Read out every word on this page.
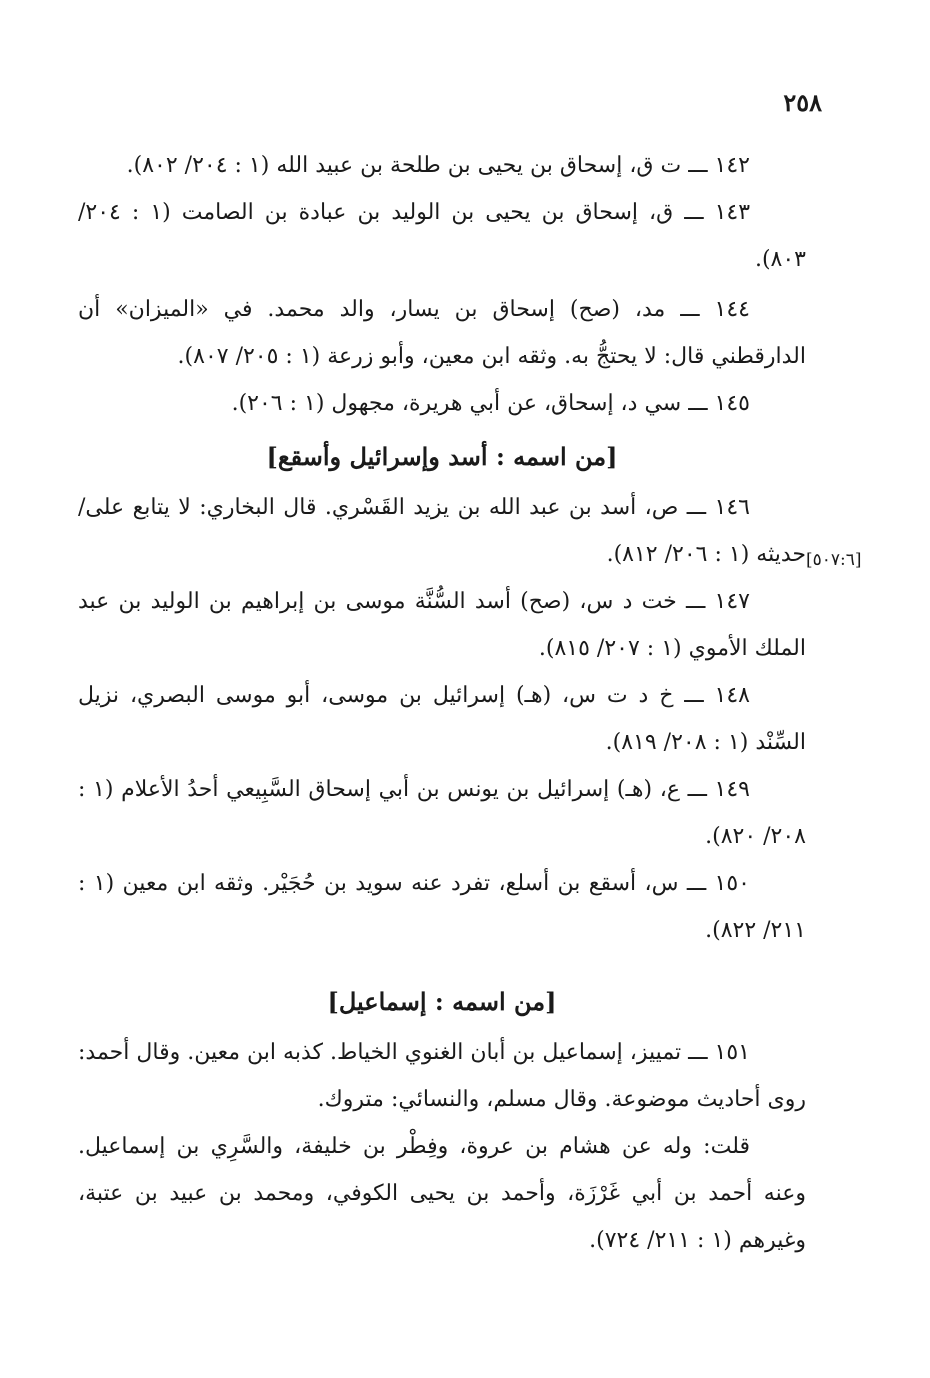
٢٥٨
[٥٠٧:٦]

١٤٢ ـــ ت ق، إسحاق بن يحيى بن طلحة بن عبيد الله (١ : ٢٠٤/ ٨٠٢).

١٤٣ ـــ ق، إسحاق بن يحيى بن الوليد بن عبادة بن الصامت (١ : ٢٠٤/ ٨٠٣).

١٤٤ ـــ مد، (صح) إسحاق بن يسار، والد محمد. في «الميزان» أن الدارقطني قال: لا يحتجُّ به. وثقه ابن معين، وأبو زرعة (١ : ٢٠٥/ ٨٠٧).

١٤٥ ـــ سي د، إسحاق، عن أبي هريرة، مجهول (١ : ٢٠٦).

[من اسمه : أسد وإسرائيل وأسقع]

١٤٦ ـــ ص، أسد بن عبد الله بن يزيد القَسْري. قال البخاري: لا يتابع على/ حديثه (١ : ٢٠٦/ ٨١٢).

١٤٧ ـــ خت د س، (صح) أسد السُّنَّة موسى بن إبراهيم بن الوليد بن عبد الملك الأموي (١ : ٢٠٧/ ٨١٥).

١٤٨ ـــ خ د ت س، (هـ) إسرائيل بن موسى، أبو موسى البصري، نزيل السِّنْد (١ : ٢٠٨/ ٨١٩).

١٤٩ ـــ ع، (هـ) إسرائيل بن يونس بن أبي إسحاق السَّبِيعي أحدُ الأعلام (١ : ٢٠٨/ ٨٢٠).

١٥٠ ـــ س، أسقع بن أسلع، تفرد عنه سويد بن حُجَيْر. وثقه ابن معين (١ : ٢١١/ ٨٢٢).

[من اسمه : إسماعيل]

١٥١ ـــ تمييز، إسماعيل بن أبان الغنوي الخياط. كذبه ابن معين. وقال أحمد: روى أحاديث موضوعة. وقال مسلم، والنسائي: متروك.

قلت: وله عن هشام بن عروة، وفِطْر بن خليفة، والسَّرِي بن إسماعيل. وعنه أحمد بن أبي غَرْزَة، وأحمد بن يحيى الكوفي، ومحمد بن عبيد بن عتبة، وغيرهم (١ : ٢١١/ ٧٢٤).
